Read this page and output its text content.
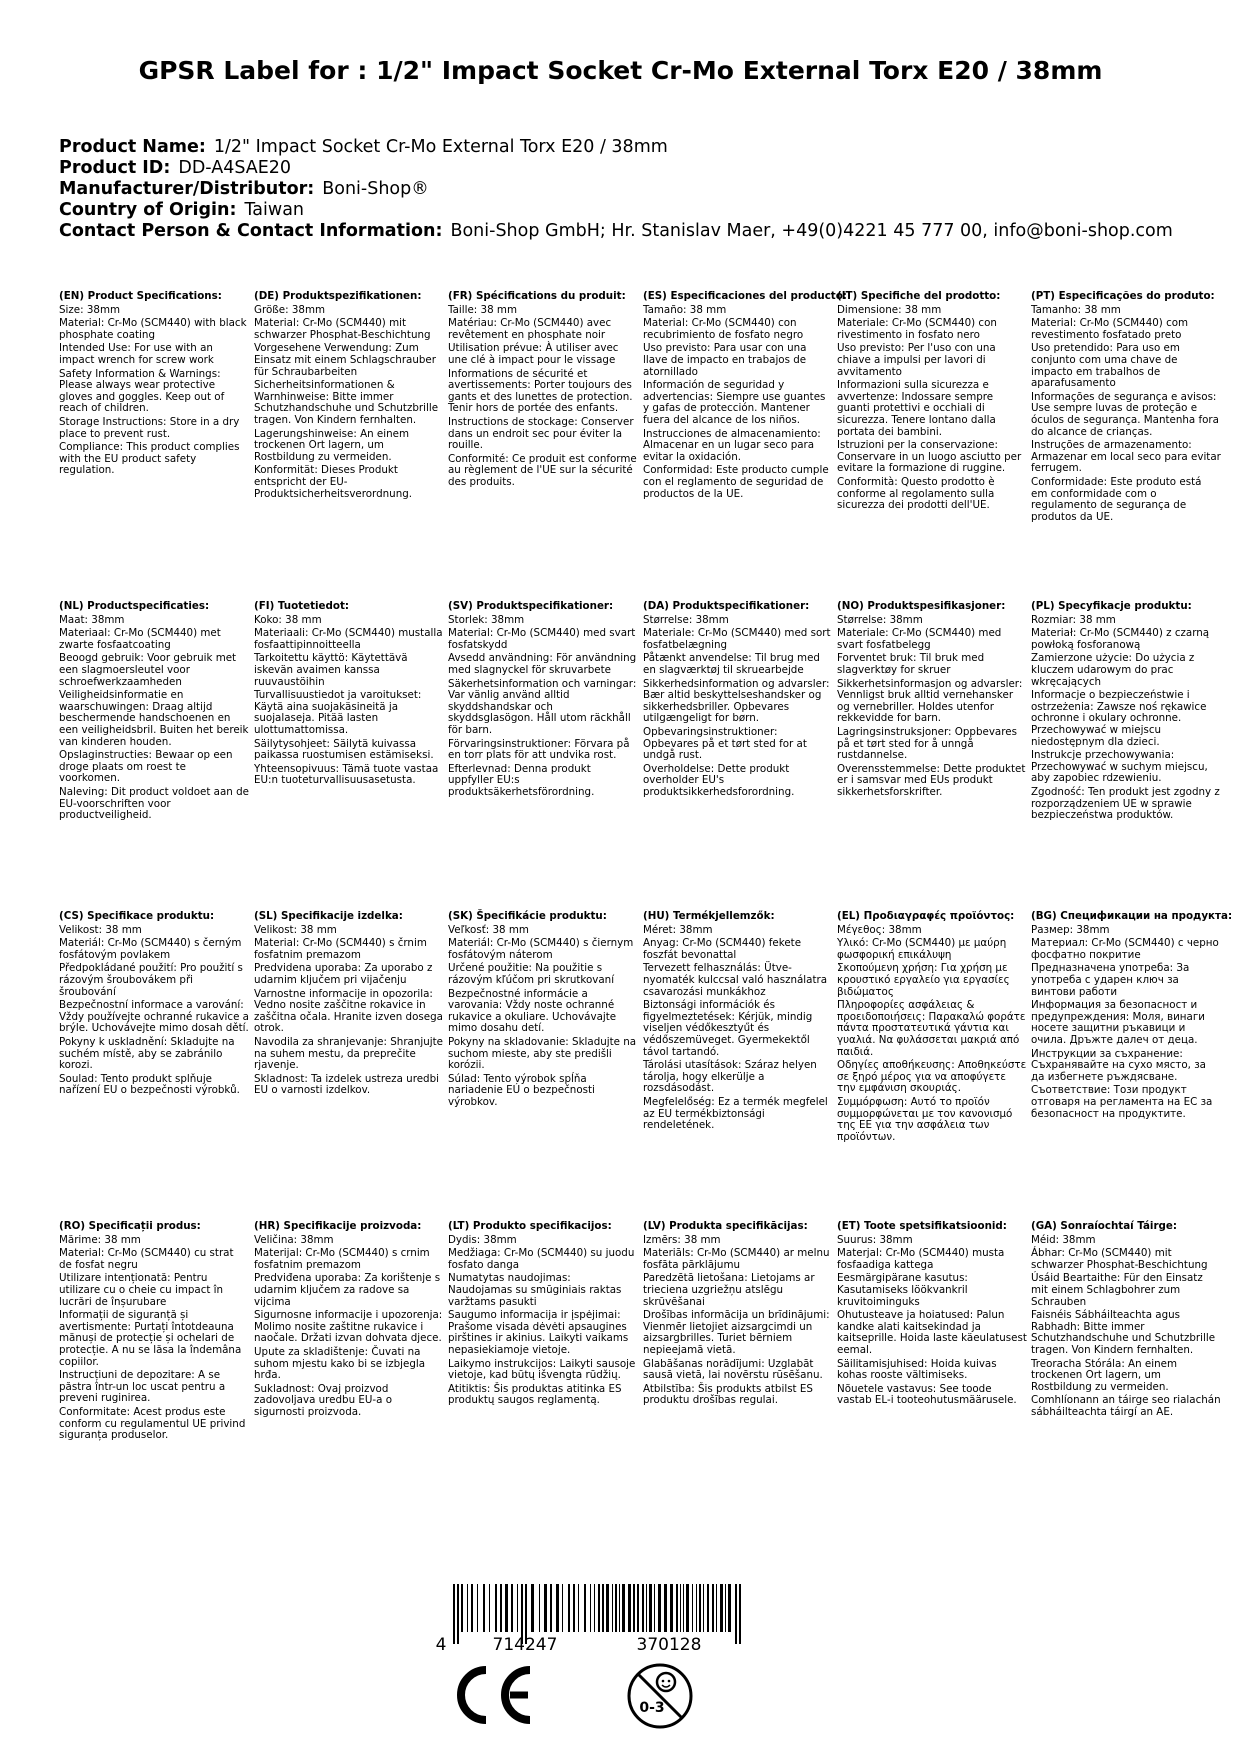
GPSR Label for : 1/2" Impact Socket Cr-Mo External Torx E20 / 38mm
Product Name: 1/2" Impact Socket Cr-Mo External Torx E20 / 38mm
Product ID: DD-A4SAE20
Manufacturer/Distributor: Boni-Shop®
Country of Origin: Taiwan
Contact Person & Contact Information: Boni-Shop GmbH; Hr. Stanislav Maer, +49(0)4221 45 777 00, info@boni-shop.com
(EN) Product Specifications:
Size: 38mm
Material: Cr-Mo (SCM440) with black phosphate coating
Intended Use: For use with an impact wrench for screw work
Safety Information & Warnings: Please always wear protective gloves and goggles. Keep out of reach of children.
Storage Instructions: Store in a dry place to prevent rust.
Compliance: This product complies with the EU product safety regulation.
(DE) Produktspezifikationen:
Größe: 38mm
Material: Cr-Mo (SCM440) mit schwarzer Phosphat-Beschichtung
Vorgesehene Verwendung: Zum Einsatz mit einem Schlagschrauber für Schraubarbeiten
Sicherheitsinformationen & Warnhinweise: Bitte immer Schutzhandschuhe und Schutzbrille tragen. Von Kindern fernhalten.
Lagerungshinweise: An einem trockenen Ort lagern, um Rostbildung zu vermeiden.
Konformität: Dieses Produkt entspricht der EU-Produktsicherheitsverordnung.
(FR) Spécifications du produit:
Taille: 38 mm
Matériau: Cr-Mo (SCM440) avec revêtement en phosphate noir
Utilisation prévue: À utiliser avec une clé à impact pour le vissage
Informations de sécurité et avertissements: Porter toujours des gants et des lunettes de protection. Tenir hors de portée des enfants.
Instructions de stockage: Conserver dans un endroit sec pour éviter la rouille.
Conformité: Ce produit est conforme au règlement de l'UE sur la sécurité des produits.
(ES) Especificaciones del producto:
Tamaño: 38 mm
Material: Cr-Mo (SCM440) con recubrimiento de fosfato negro
Uso previsto: Para usar con una llave de impacto en trabajos de atornillado
Información de seguridad y advertencias: Siempre use guantes y gafas de protección. Mantener fuera del alcance de los niños.
Instrucciones de almacenamiento: Almacenar en un lugar seco para evitar la oxidación.
Conformidad: Este producto cumple con el reglamento de seguridad de productos de la UE.
(IT) Specifiche del prodotto:
Dimensione: 38 mm
Materiale: Cr-Mo (SCM440) con rivestimento in fosfato nero
Uso previsto: Per l'uso con una chiave a impulsi per lavori di avvitamento
Informazioni sulla sicurezza e avvertenze: Indossare sempre guanti protettivi e occhiali di sicurezza. Tenere lontano dalla portata dei bambini.
Istruzioni per la conservazione: Conservare in un luogo asciutto per evitare la formazione di ruggine.
Conformità: Questo prodotto è conforme al regolamento sulla sicurezza dei prodotti dell'UE.
(PT) Especificações do produto:
Tamanho: 38 mm
Material: Cr-Mo (SCM440) com revestimento fosfatado preto
Uso pretendido: Para uso em conjunto com uma chave de impacto em trabalhos de aparafusamento
Informações de segurança e avisos: Use sempre luvas de proteção e óculos de segurança. Mantenha fora do alcance de crianças.
Instruções de armazenamento: Armazenar em local seco para evitar ferrugem.
Conformidade: Este produto está em conformidade com o regulamento de segurança de produtos da UE.
(NL) Productspecificaties:
Maat: 38mm
Materiaal: Cr-Mo (SCM440) met zwarte fosfaatcoating
Beoogd gebruik: Voor gebruik met een slagmoersleutel voor schroefwerkzaamheden
Veiligheidsinformatie en waarschuwingen: Draag altijd beschermende handschoenen en een veiligheidsbril. Buiten het bereik van kinderen houden.
Opslaginstructies: Bewaar op een droge plaats om roest te voorkomen.
Naleving: Dit product voldoet aan de EU-voorschriften voor productveiligheid.
(FI) Tuotetiedot:
Koko: 38 mm
Materiaali: Cr-Mo (SCM440) mustalla fosfaattipinnoitteella
Tarkoitettu käyttö: Käytettävä iskevän avaimen kanssa ruuvaustöihin
Turvallisuustiedot ja varoitukset: Käytä aina suojakäsineitä ja suojalaseja. Pitää lasten ulottumattomissa.
Säilytysohjeet: Säilytä kuivassa paikassa ruostumisen estämiseksi.
Yhteensopivuus: Tämä tuote vastaa EU:n tuoteturvallisuusasetusta.
(SV) Produktspecifikationer:
Storlek: 38mm
Material: Cr-Mo (SCM440) med svart fosfatskydd
Avsedd användning: För användning med slagnyckel för skruvarbete
Säkerhetsinformation och varningar: Var vänlig använd alltid skyddshandskar och skyddsglasögon. Håll utom räckhåll för barn.
Förvaringsinstruktioner: Förvara på en torr plats för att undvika rost.
Efterlevnad: Denna produkt uppfyller EU:s produktsäkerhetsförordning.
(DA) Produktspecifikationer:
Størrelse: 38mm
Materiale: Cr-Mo (SCM440) med sort fosfatbelægning
Påtænkt anvendelse: Til brug med en slagværktøj til skruearbejde
Sikkerhedsinformation og advarsler: Bær altid beskyttelseshandsker og sikkerhedsbriller. Opbevares utilgængeligt for børn.
Opbevaringsinstruktioner: Opbevares på et tørt sted for at undgå rust.
Overholdelse: Dette produkt overholder EU's produktsikkerhedsforordning.
(NO) Produktspesifikasjoner:
Størrelse: 38mm
Materiale: Cr-Mo (SCM440) med svart fosfatbelegg
Forventet bruk: Til bruk med slagverktøy for skruer
Sikkerhetsinformasjon og advarsler: Vennligst bruk alltid vernehansker og vernebriller. Holdes utenfor rekkevidde for barn.
Lagringsinstruksjoner: Oppbevares på et tørt sted for å unngå rustdannelse.
Overensstemmelse: Dette produktet er i samsvar med EUs produkt sikkerhetsforskrifter.
(PL) Specyfikacje produktu:
Rozmiar: 38 mm
Materiał: Cr-Mo (SCM440) z czarną powłoką fosforanową
Zamierzone użycie: Do użycia z kluczem udarowym do prac wkręcających
Informacje o bezpieczeństwie i ostrzeżenia: Zawsze noś rękawice ochronne i okulary ochronne. Przechowywać w miejscu niedostępnym dla dzieci.
Instrukcje przechowywania: Przechowywać w suchym miejscu, aby zapobiec rdzewieniu.
Zgodność: Ten produkt jest zgodny z rozporządzeniem UE w sprawie bezpieczeństwa produktów.
(CS) Specifikace produktu:
Velikost: 38 mm
Materiál: Cr-Mo (SCM440) s černým fosfátovým povlakem
Předpokládané použití: Pro použití s rázovým šroubovákem při šroubování
Bezpečnostní informace a varování: Vždy používejte ochranné rukavice a brýle. Uchovávejte mimo dosah dětí.
Pokyny k uskladnění: Skladujte na suchém místě, aby se zabránilo korozi.
Soulad: Tento produkt splňuje nařízení EU o bezpečnosti výrobků.
(SL) Specifikacije izdelka:
Velikost: 38 mm
Material: Cr-Mo (SCM440) s črnim fosfatnim premazom
Predvidena uporaba: Za uporabo z udarnim ključem pri vijačenju
Varnostne informacije in opozorila: Vedno nosite zaščitne rokavice in zaščitna očala. Hranite izven dosega otrok.
Navodila za shranjevanje: Shranjujte na suhem mestu, da preprečite rjavenje.
Skladnost: Ta izdelek ustreza uredbi EU o varnosti izdelkov.
(SK) Špecifikácie produktu:
Veľkosť: 38 mm
Materiál: Cr-Mo (SCM440) s čiernym fosfátovým náterom
Určené použitie: Na použitie s rázovým kľúčom pri skrutkovaní
Bezpečnostné informácie a varovania: Vždy noste ochranné rukavice a okuliare. Uchovávajte mimo dosahu detí.
Pokyny na skladovanie: Skladujte na suchom mieste, aby ste predišli korózii.
Súlad: Tento výrobok spĺňa nariadenie EÚ o bezpečnosti výrobkov.
(HU) Termékjellemzők:
Méret: 38mm
Anyag: Cr-Mo (SCM440) fekete foszfát bevonattal
Tervezett felhasználás: Ütve-nyomaték kulccsal való használatra csavarozási munkákhoz
Biztonsági információk és figyelmeztetések: Kérjük, mindig viseljen védőkesztyűt és védőszemüveget. Gyermekektől távol tartandó.
Tárolási utasítások: Száraz helyen tárolja, hogy elkerülje a rozsdásodást.
Megfelelőség: Ez a termék megfelel az EU termékbiztonsági rendeletének.
(EL) Προδιαγραφές προϊόντος:
Μέγεθος: 38mm
Υλικό: Cr-Mo (SCM440) με μαύρη φωσφορική επικάλυψη
Σκοπούμενη χρήση: Για χρήση με κρουστικό εργαλείο για εργασίες βιδώματος
Πληροφορίες ασφάλειας & προειδοποιήσεις: Παρακαλώ φοράτε πάντα προστατευτικά γάντια και γυαλιά. Να φυλάσσεται μακριά από παιδιά.
Οδηγίες αποθήκευσης: Αποθηκεύστε σε ξηρό μέρος για να αποφύγετε την εμφάνιση σκουριάς.
Συμμόρφωση: Αυτό το προϊόν συμμορφώνεται με τον κανονισμό της ΕΕ για την ασφάλεια των προϊόντων.
(BG) Спецификации на продукта:
Размер: 38mm
Материал: Cr-Mo (SCM440) с черно фосфатно покритие
Предназначена употреба: За употреба с ударен ключ за винтови работи
Информация за безопасност и предупреждения: Моля, винаги носете защитни ръкавици и очила. Дръжте далеч от деца.
Инструкции за съхранение: Съхранявайте на сухо място, за да избегнете ръждясване.
Съответствие: Този продукт отговаря на регламента на ЕС за безопасност на продуктите.
(RO) Specificații produs:
Mărime: 38 mm
Material: Cr-Mo (SCM440) cu strat de fosfat negru
Utilizare intenționată: Pentru utilizare cu o cheie cu impact în lucrări de înșurubare
Informații de siguranță și avertismente: Purtați întotdeauna mănuși de protecție și ochelari de protecție. A nu se lăsa la îndemâna copiilor.
Instrucțiuni de depozitare: A se păstra într-un loc uscat pentru a preveni ruginirea.
Conformitate: Acest produs este conform cu regulamentul UE privind siguranța produselor.
(HR) Specifikacije proizvoda:
Veličina: 38mm
Materijal: Cr-Mo (SCM440) s crnim fosfatnim premazom
Predviđena uporaba: Za korištenje s udarnim ključem za radove sa vijcima
Sigurnosne informacije i upozorenja: Molimo nosite zaštitne rukavice i naočale. Držati izvan dohvata djece.
Upute za skladištenje: Čuvati na suhom mjestu kako bi se izbjegla hrđa.
Sukladnost: Ovaj proizvod zadovoljava uredbu EU-a o sigurnosti proizvoda.
(LT) Produkto specifikacijos:
Dydis: 38mm
Medžiaga: Cr-Mo (SCM440) su juodu fosfato danga
Numatytas naudojimas: Naudojamas su smūginiais raktas varžtams pasukti
Saugumo informacija ir įspėjimai: Prašome visada dėvėti apsaugines pirštines ir akinius. Laikyti vaikams nepasiekiamoje vietoje.
Laikymo instrukcijos: Laikyti sausoje vietoje, kad būtų išvengta rūdžių.
Atitiktis: Šis produktas atitinka ES produktų saugos reglamentą.
(LV) Produkta specifikācijas:
Izmērs: 38 mm
Materiāls: Cr-Mo (SCM440) ar melnu fosfāta pārklājumu
Paredzētā lietošana: Lietojams ar trieciena uzgriežņu atslēgu skrūvēšanai
Drošības informācija un brīdinājumi: Vienmēr lietojiet aizsargcimdi un aizsargbrilles. Turiet bērniem nepieejamā vietā.
Glabāšanas norādījumi: Uzglabāt sausā vietā, lai novērstu rūsēšanu.
Atbilstība: Šis produkts atbilst ES produktu drošības regulai.
(ET) Toote spetsifikatsioonid:
Suurus: 38mm
Materjal: Cr-Mo (SCM440) musta fosfaadiga kattega
Eesmärgipärane kasutus: Kasutamiseks löökvankril kruvitoiminguks
Ohutusteave ja hoiatused: Palun kandke alati kaitsekindad ja kaitseprille. Hoida laste käeulatusest eemal.
Säilitamisjuhised: Hoida kuivas kohas rooste vältimiseks.
Nõuetele vastavus: See toode vastab EL-i tooteohutusmäärusele.
(GA) Sonraíochtaí Táirge:
Méid: 38mm
Ábhar: Cr-Mo (SCM440) mit schwarzer Phosphat-Beschichtung
Úsáid Beartaithe: Für den Einsatz mit einem Schlagbohrer zum Schrauben
Faisnéis Sábháilteachta agus Rabhadh: Bitte immer Schutzhandschuhe und Schutzbrille tragen. Von Kindern fernhalten.
Treoracha Stórála: An einem trockenen Ort lagern, um Rostbildung zu vermeiden.
Comhlíonann an táirge seo rialachán sábháilteachta táirgí an AE.
4	714247	370128
CE
0-3
